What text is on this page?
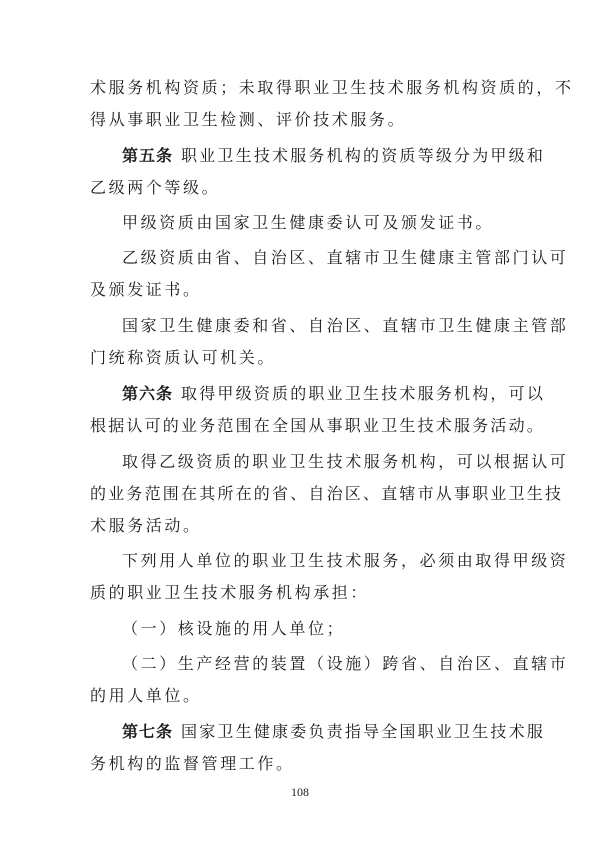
术服务机构资质；未取得职业卫生技术服务机构资质的，不
得从事职业卫生检测、评价技术服务。
第五条 职业卫生技术服务机构的资质等级分为甲级和
乙级两个等级。
甲级资质由国家卫生健康委认可及颁发证书。
乙级资质由省、自治区、直辖市卫生健康主管部门认可
及颁发证书。
国家卫生健康委和省、自治区、直辖市卫生健康主管部
门统称资质认可机关。
第六条 取得甲级资质的职业卫生技术服务机构，可以
根据认可的业务范围在全国从事职业卫生技术服务活动。
取得乙级资质的职业卫生技术服务机构，可以根据认可
的业务范围在其所在的省、自治区、直辖市从事职业卫生技
术服务活动。
下列用人单位的职业卫生技术服务，必须由取得甲级资
质的职业卫生技术服务机构承担：
（一）核设施的用人单位；
（二）生产经营的装置（设施）跨省、自治区、直辖市
的用人单位。
第七条 国家卫生健康委负责指导全国职业卫生技术服
务机构的监督管理工作。
108
